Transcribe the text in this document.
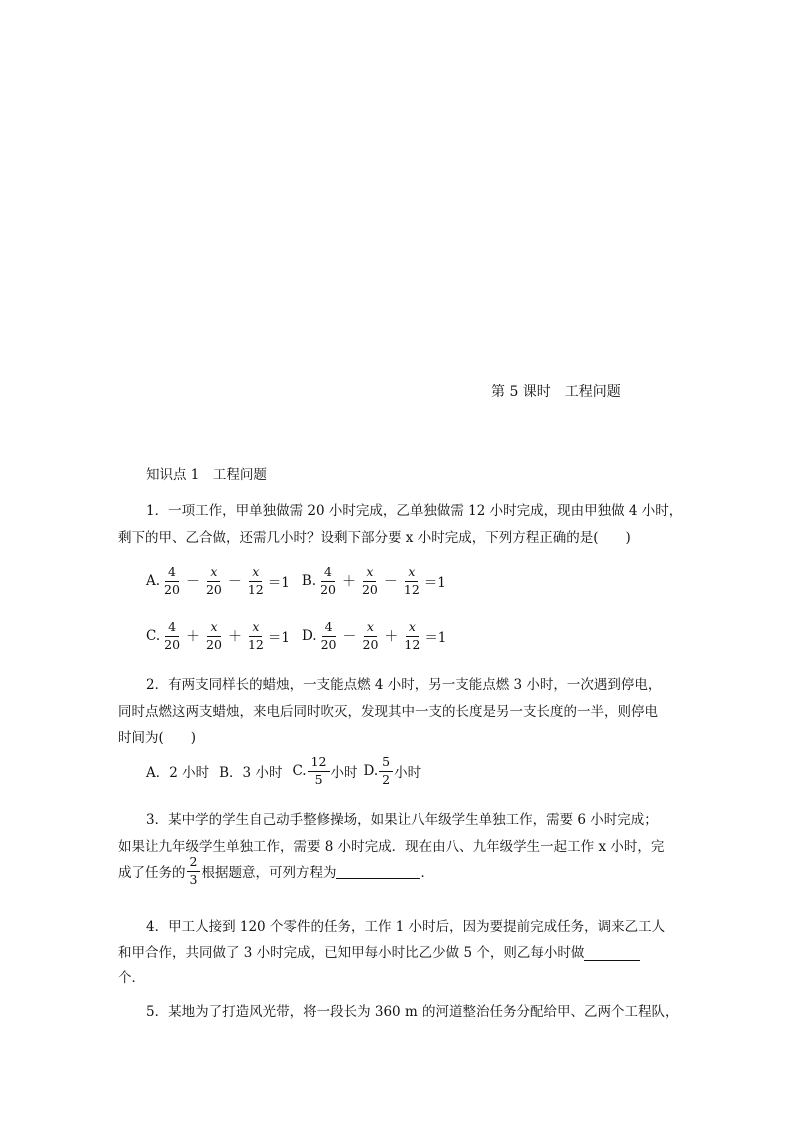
第 5 课时　工程问题
知识点 1　工程问题
1．一项工作，甲单独做需 20 小时完成，乙单独做需 12 小时完成，现由甲独做 4 小时，
剩下的甲、乙合做，还需几小时？设剩下部分要 x 小时完成，下列方程正确的是(　　)
A. $\frac{4}{20} - \frac{x}{20} - \frac{x}{12} =1$ B. $\frac{4}{20} + \frac{x}{20} - \frac{x}{12} =1$
C. $\frac{4}{20} + \frac{x}{20} + \frac{x}{12} =1$ D. $\frac{4}{20} - \frac{x}{20} + \frac{x}{12} =1$
2．有两支同样长的蜡烛，一支能点燃 4 小时，另一支能点燃 3 小时，一次遇到停电，
同时点燃这两支蜡烛，来电后同时吹灭，发现其中一支的长度是另一支长度的一半，则停电
时间为(　　)
A．2 小时 B．3 小时 C. $\frac{12}{5}$ 小时 D. $\frac{5}{2}$ 小时
3．某中学的学生自己动手整修操场，如果让八年级学生单独工作，需要 6 小时完成；
如果让九年级学生单独工作，需要 8 小时完成．现在由八、九年级学生一起工作 x 小时，完
成了任务的 $\frac{2}{3}$ 根据题意，可列方程为	．
4．甲工人接到 120 个零件的任务，工作 1 小时后，因为要提前完成任务，调来乙工人
和甲合作，共同做了 3 小时完成，已知甲每小时比乙少做 5 个，则乙每小时做
个．
5．某地为了打造风光带，将一段长为 360 m 的河道整治任务分配给甲、乙两个工程队，
